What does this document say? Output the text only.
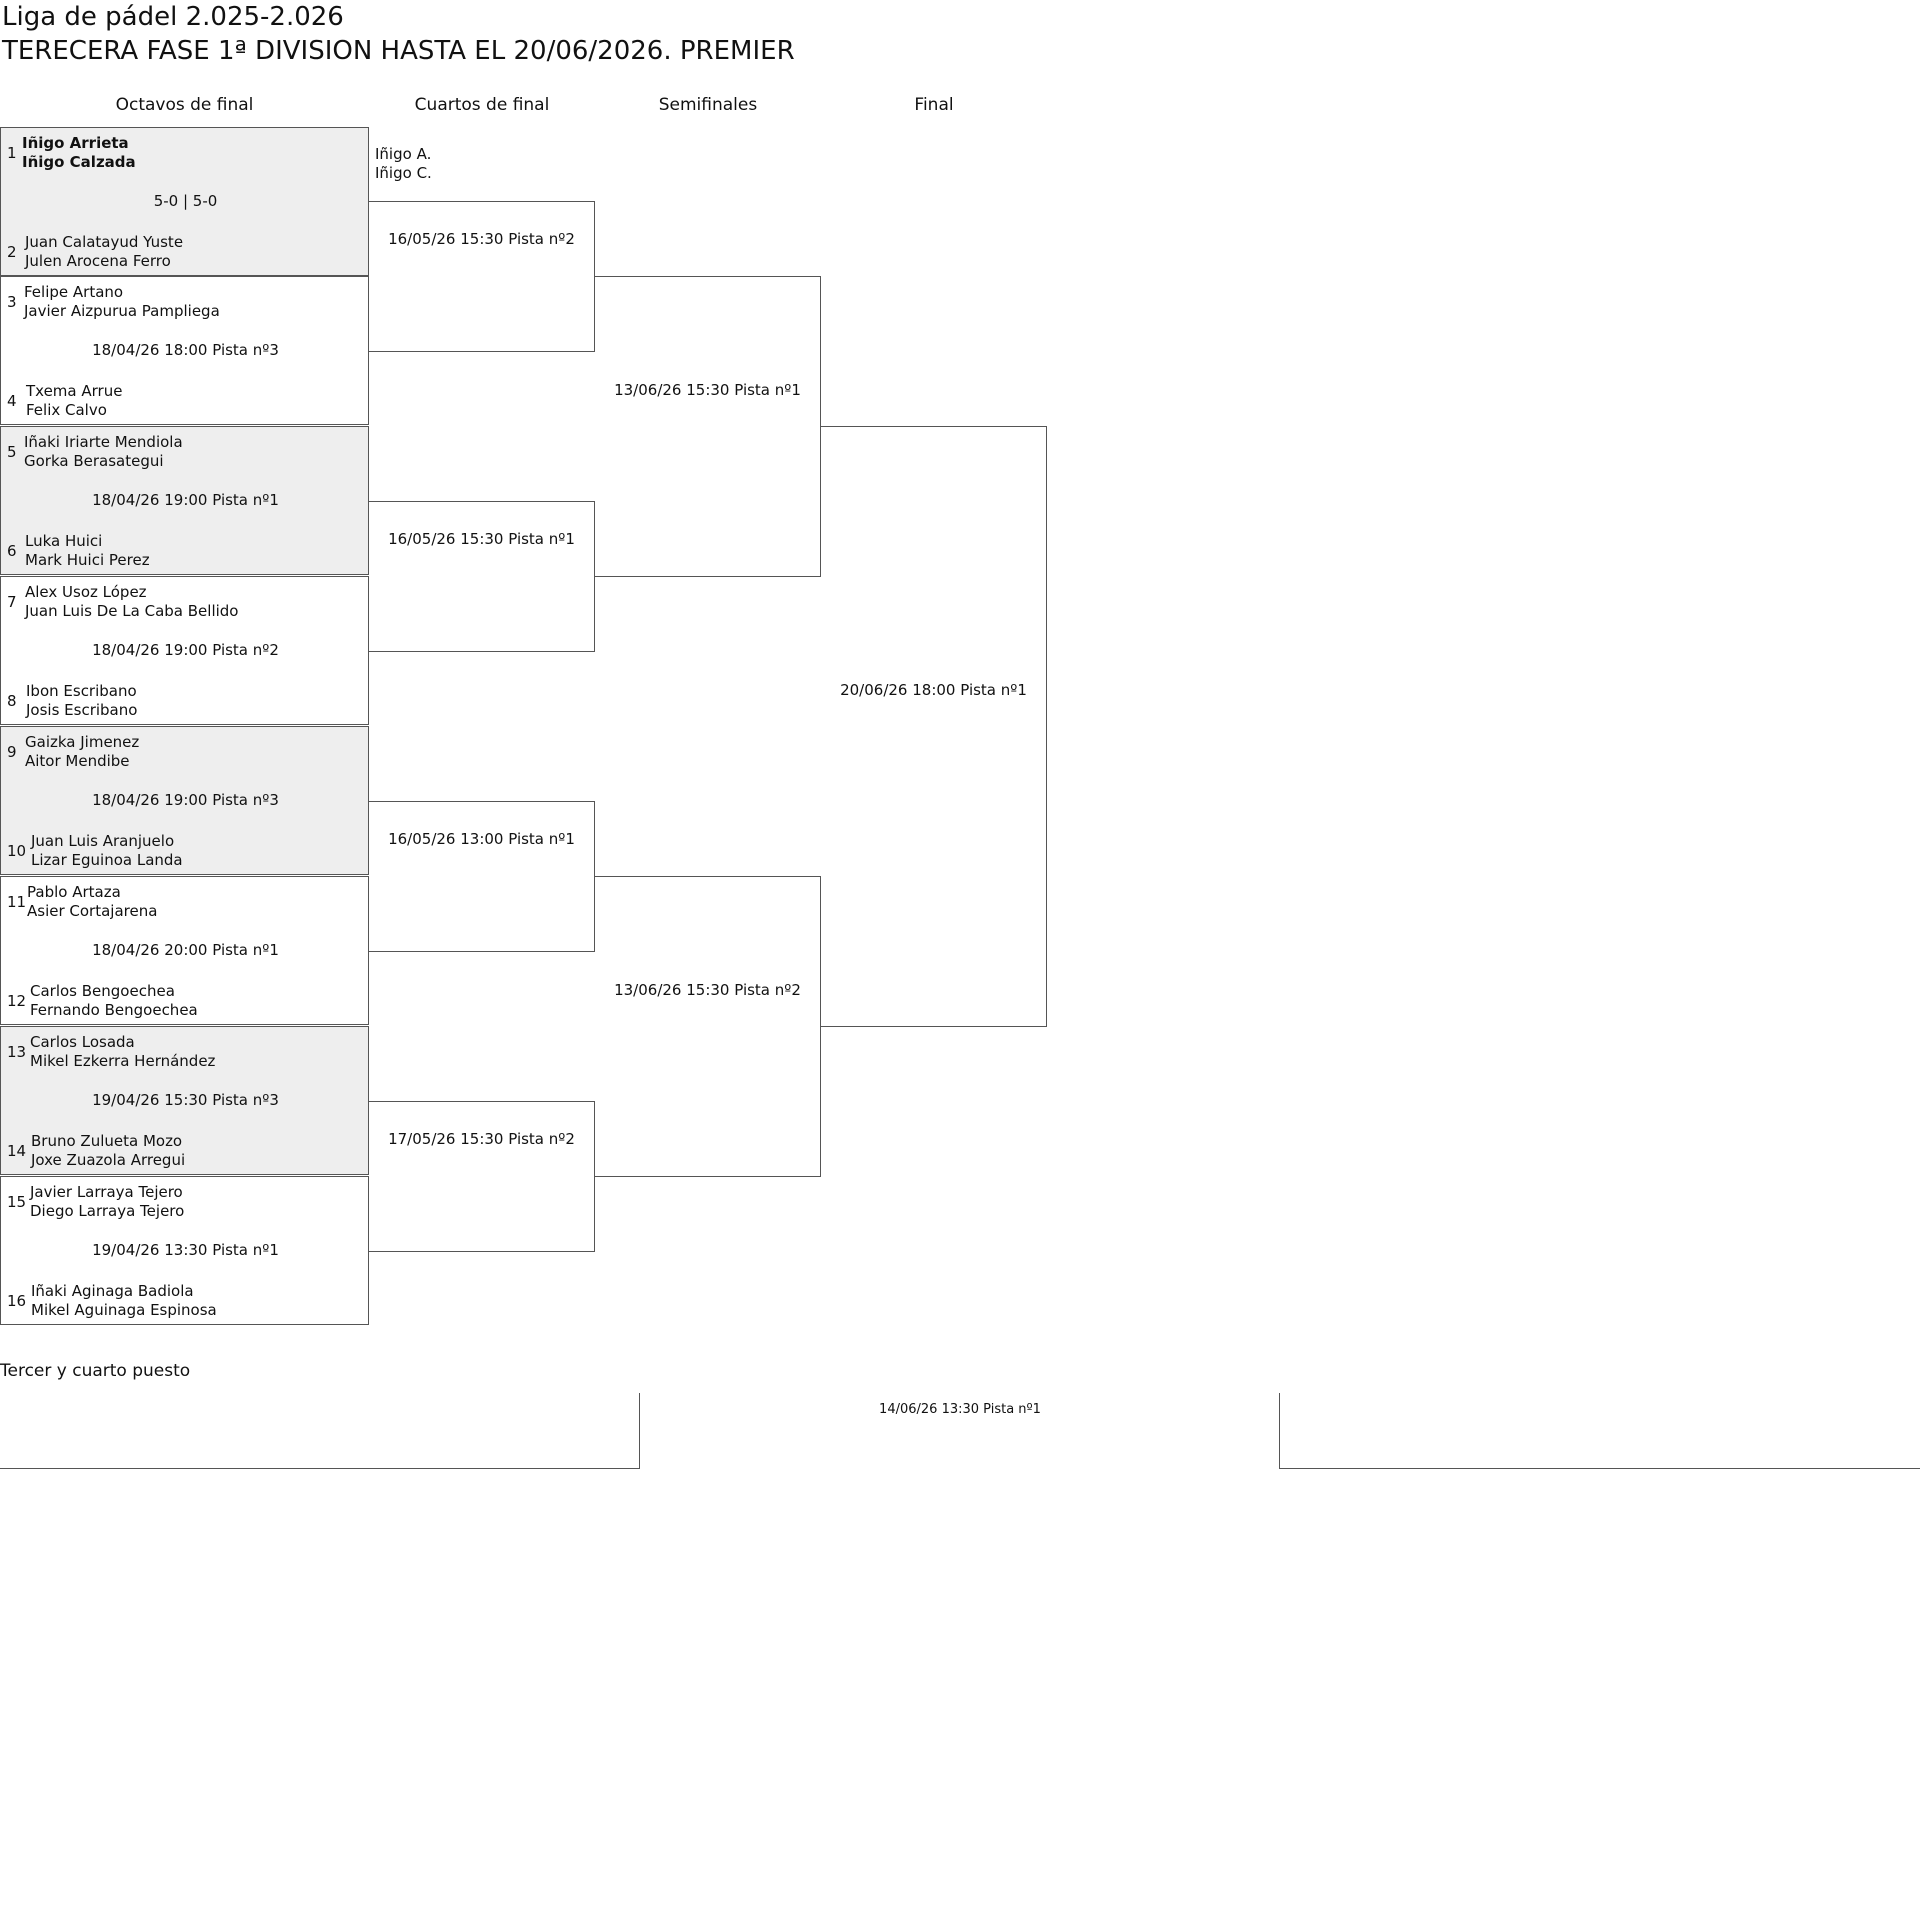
Liga de pádel 2.025-2.026
TERECERA FASE 1ª DIVISION HASTA EL 20/06/2026. PREMIER
Octavos de final	Cuartos de final	Semifinales	Final
1
Iñigo Arrieta
Iñigo Calzada
5-0 | 5-0
2
Juan Calatayud Yuste
Julen Arocena Ferro
3
Felipe Artano
Javier Aizpurua Pampliega
18/04/26 18:00 Pista nº3
4
Txema Arrue
Felix Calvo
5
Iñaki Iriarte Mendiola
Gorka Berasategui
18/04/26 19:00 Pista nº1
6
Luka Huici
Mark Huici Perez
7
Alex Usoz López
Juan Luis De La Caba Bellido
18/04/26 19:00 Pista nº2
8
Ibon Escribano
Josis Escribano
9
Gaizka Jimenez
Aitor Mendibe
18/04/26 19:00 Pista nº3
10
Juan Luis Aranjuelo
Lizar Eguinoa Landa
11
Pablo Artaza
Asier Cortajarena
18/04/26 20:00 Pista nº1
12
Carlos Bengoechea
Fernando Bengoechea
13
Carlos Losada
Mikel Ezkerra Hernández
19/04/26 15:30 Pista nº3
14
Bruno Zulueta Mozo
Joxe Zuazola Arregui
15
Javier Larraya Tejero
Diego Larraya Tejero
19/04/26 13:30 Pista nº1
16
Iñaki Aginaga Badiola
Mikel Aguinaga Espinosa
Iñigo A.
Iñigo C.
16/05/26 15:30 Pista nº2
16/05/26 15:30 Pista nº1
16/05/26 13:00 Pista nº1
17/05/26 15:30 Pista nº2
13/06/26 15:30 Pista nº1
13/06/26 15:30 Pista nº2
20/06/26 18:00 Pista nº1
Tercer y cuarto puesto
14/06/26 13:30 Pista nº1
